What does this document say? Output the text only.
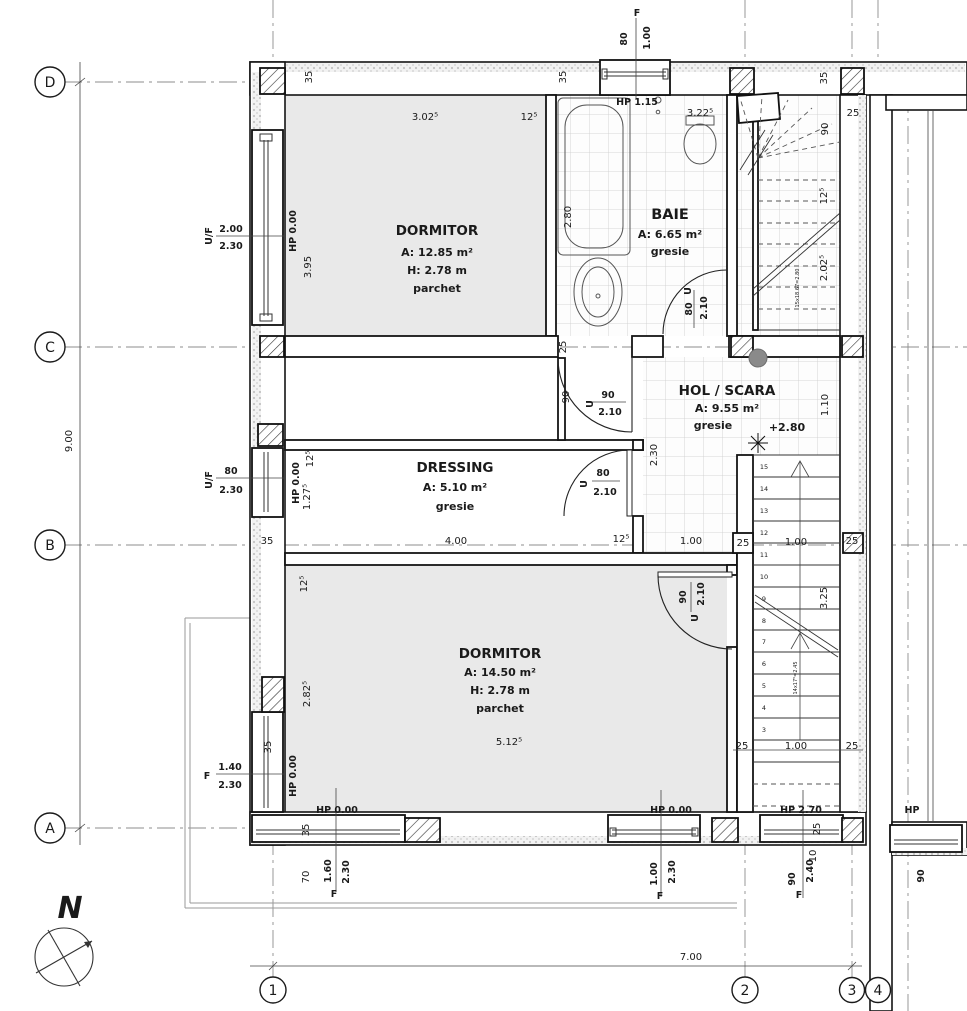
DORMITOR
A: 12.85 m²
H: 2.78 m
parchet
BAIE
A: 6.65 m²
gresie
HOL / SCARA
A: 9.55 m²
gresie	+2.80
DRESSING
A: 5.10 m²
gresie
DORMITOR
A: 14.50 m²
H: 2.78 m
parchet
35
3.02⁵	12⁵
35
3.22⁵
35
25
F
80 1.00
HP 1.15
2.80
25
U
80 2.10
U/F 2.00
2.30	HP 0.00
3.95
U/F 80
2.30	HP 0.00
12⁵
1.27⁵
F
1.40
2.30	HP 0.00
35
12⁵
2.82⁵
90
U
90
2.10	1.10
2.30
U
80
2.10
90 2.10
U
35	4.00	12⁵	1.00	25	1.00	25
12⁵
2.02⁵
90
3.25
15x18.67=2.80
14x17⁵=2.45
25	1.00	25
15
14
13
12
11
10
9
8
7
6
5
4
3
5.12⁵
HP 0.00
35
70 1.60 2.30
F
HP 0.00
1.00 2.30
F
HP 2.70
25
10
90 2.40
F
HP
90
9.00
7.00
D
C
B
A
1	2	3 4
N
